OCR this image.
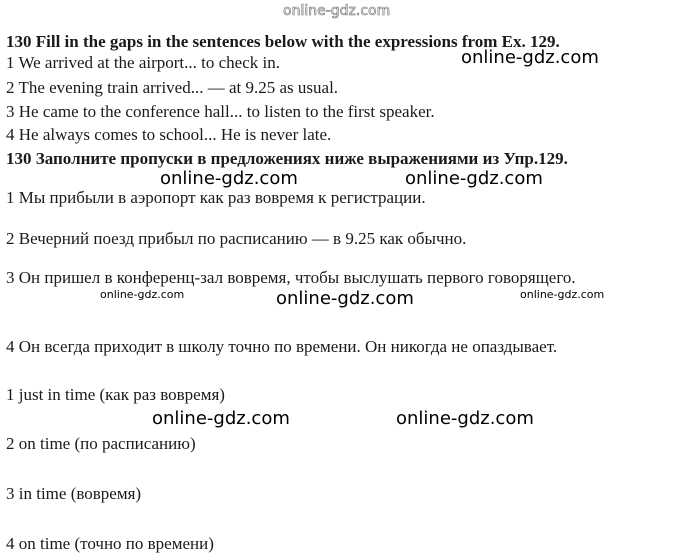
online-gdz.com
130 Fill in the gaps in the sentences below with the expressions from Ex. 129.
1 We arrived at the airport... to check in.
2 The evening train arrived... — at 9.25 as usual.
3 He came to the conference hall... to listen to the first speaker.
4 He always comes to school... He is never late.
130 Заполните пропуски в предложениях ниже выражениями из Упр.129.
1 Мы прибыли в аэропорт как раз вовремя к регистрации.
2 Вечерний поезд прибыл по расписанию — в 9.25 как обычно.
3 Он пришел в конференц-зал вовремя, чтобы выслушать первого говорящего.
4 Он всегда приходит в школу точно по времени. Он никогда не опаздывает.
1 just in time (как раз вовремя)
2 on time (по расписанию)
3 in time (вовремя)
4 on time (точно по времени)
online-gdz.com
online-gdz.com	online-gdz.com
online-gdz.com
online-gdz.com	online-gdz.com
online-gdz.com	online-gdz.com
